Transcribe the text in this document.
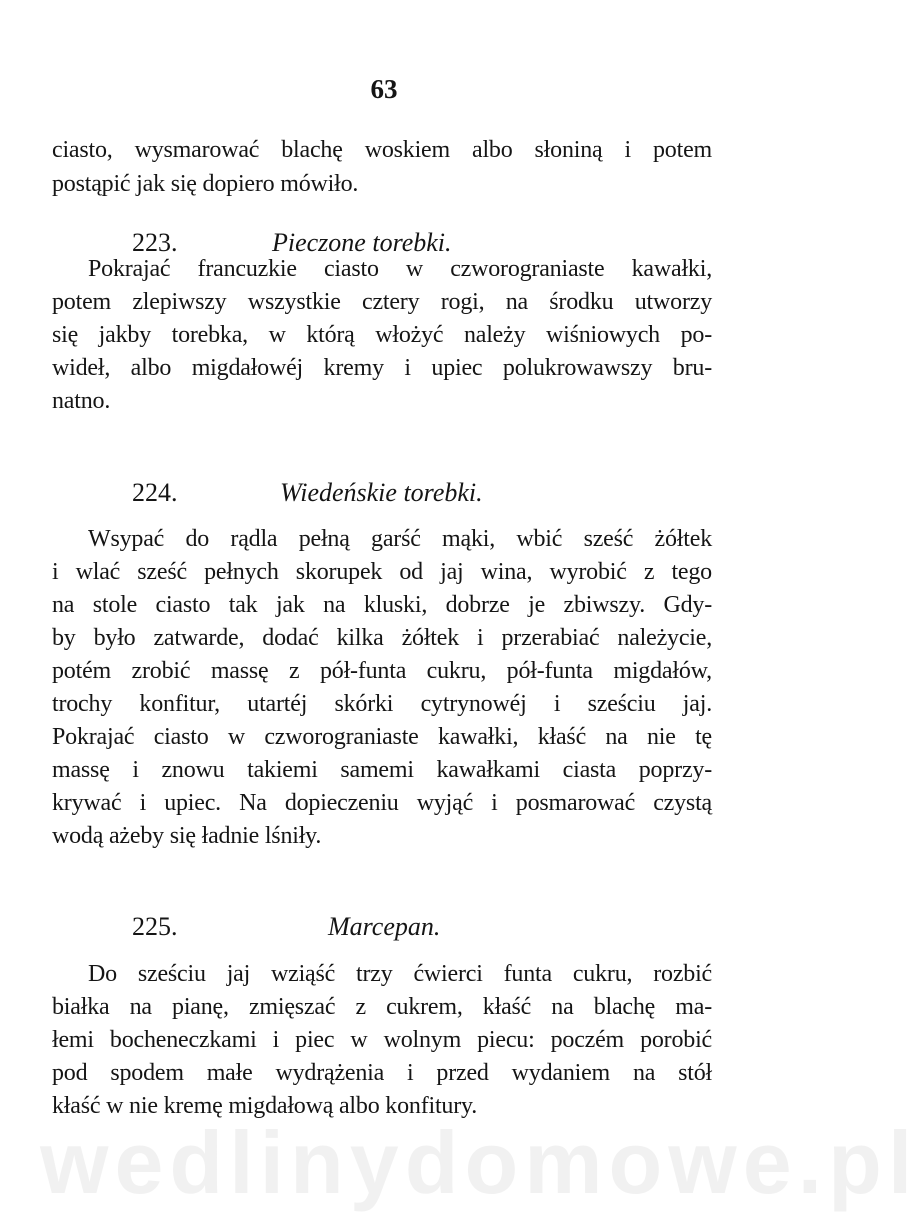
63
ciasto, wysmarować blachę woskiem albo słoniną i potem
postąpić jak się dopiero mówiło.
223.	Pieczone torebki.
Pokrajać francuzkie ciasto w czworograniaste kawałki,
potem zlepiwszy wszystkie cztery rogi, na środku utworzy
się jakby torebka, w którą włożyć należy wiśniowych po-
wideł, albo migdałowéj kremy i upiec polukrowawszy bru-
natno.
224.	Wiedeńskie torebki.
Wsypać do rądla pełną garść mąki, wbić sześć żółtek
i wlać sześć pełnych skorupek od jaj wina, wyrobić z tego
na stole ciasto tak jak na kluski, dobrze je zbiwszy. Gdy-
by było zatwarde, dodać kilka żółtek i przerabiać należycie,
potém zrobić massę z pół-funta cukru, pół-funta migdałów,
trochy konfitur, utartéj skórki cytrynowéj i sześciu jaj.
Pokrajać ciasto w czworograniaste kawałki, kłaść na nie tę
massę i znowu takiemi samemi kawałkami ciasta poprzy-
krywać i upiec. Na dopieczeniu wyjąć i posmarować czystą
wodą ażeby się ładnie lśniły.
225.	Marcepan.
Do sześciu jaj wziąść trzy ćwierci funta cukru, rozbić
białka na pianę, zmięszać z cukrem, kłaść na blachę ma-
łemi bocheneczkami i piec w wolnym piecu: poczém porobić
pod spodem małe wydrążenia i przed wydaniem na stół
kłaść w nie kremę migdałową albo konfitury.
wedlinydomowe.pl
